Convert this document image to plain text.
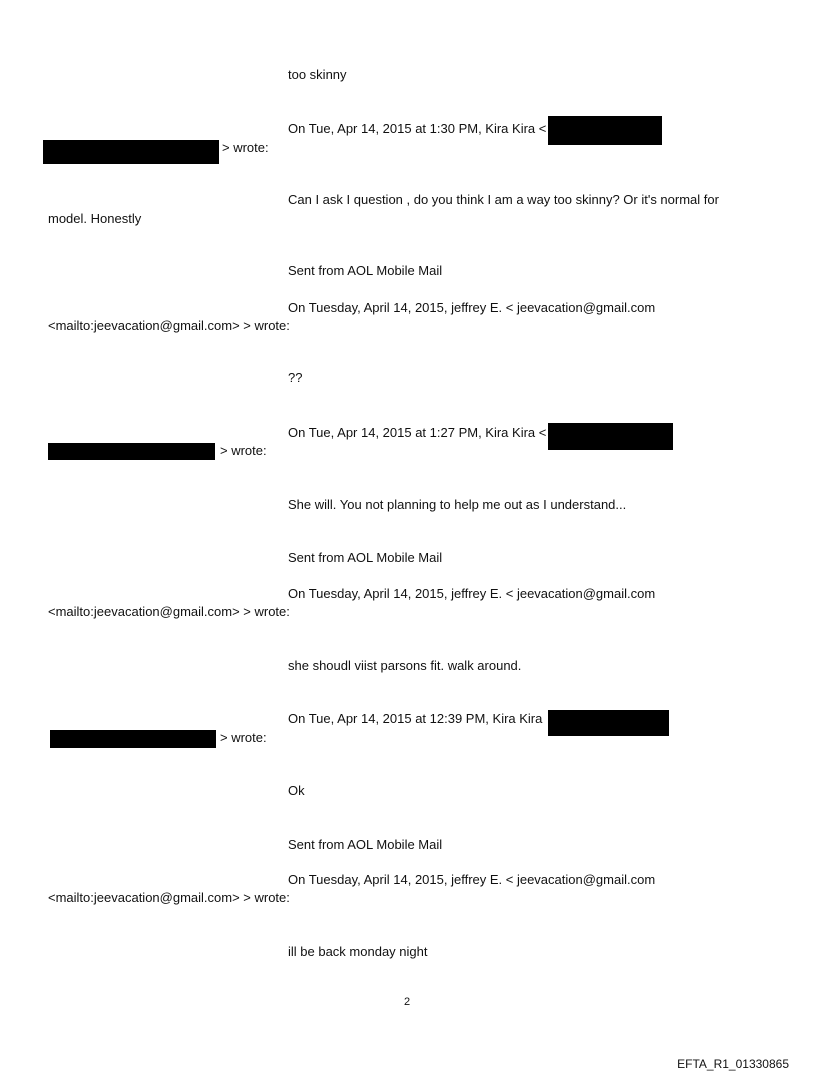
too skinny
On Tue, Apr 14, 2015 at 1:30 PM, Kira Kira <
> wrote:
Can I ask I question , do you think I am a way too skinny? Or it's normal for
model. Honestly
Sent from AOL Mobile Mail
On Tuesday, April 14, 2015, jeffrey E. < jeevacation@gmail.com
<mailto:jeevacation@gmail.com> > wrote:
??
On Tue, Apr 14, 2015 at 1:27 PM, Kira Kira <
> wrote:
She will. You not planning to help me out as I understand...
Sent from AOL Mobile Mail
On Tuesday, April 14, 2015, jeffrey E. < jeevacation@gmail.com
<mailto:jeevacation@gmail.com> > wrote:
she shoudl viist parsons fit. walk around.
On Tue, Apr 14, 2015 at 12:39 PM, Kira Kira
> wrote:
Ok
Sent from AOL Mobile Mail
On Tuesday, April 14, 2015, jeffrey E. < jeevacation@gmail.com
<mailto:jeevacation@gmail.com> > wrote:
ill be back monday night
2
EFTA_R1_01330865
